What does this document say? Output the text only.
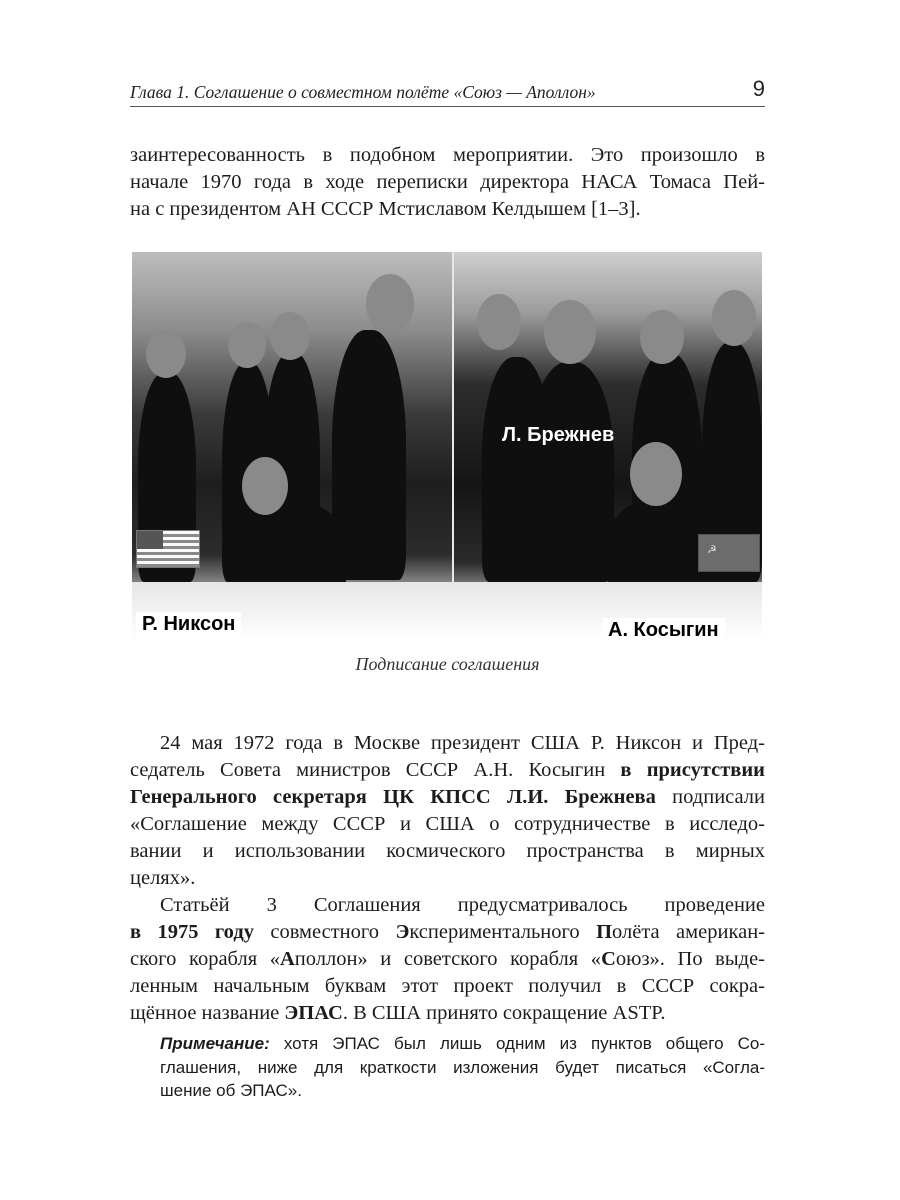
Глава 1. Соглашение о совместном полёте «Союз — Аполлон»	9
заинтересованность в подобном мероприятии. Это произошло в
начале 1970 года в ходе переписки директора НАСА Томаса Пей-
на с президентом АН СССР Мстиславом Келдышем [1–3].
☭
Л. Брежнев
Р. Никсон	А. Косыгин
Подписание соглашения
24 мая 1972 года в Москве президент США Р. Никсон и Пред-
седатель Совета министров СССР А.Н. Косыгин в присутствии
Генерального секретаря ЦК КПСС Л.И. Брежнева подписали
«Соглашение между СССР и США о сотрудничестве в исследо-
вании и использовании космического пространства в мирных
целях».
Статьёй 3 Соглашения предусматривалось проведение
в 1975 году совместного Экспериментального Полёта американ-
ского корабля «Аполлон» и советского корабля «Союз». По выде-
ленным начальным буквам этот проект получил в СССР сокра-
щённое название ЭПАС. В США принято сокращение ASTP.
Примечание: хотя ЭПАС был лишь одним из пунктов общего Со-
глашения, ниже для краткости изложения будет писаться «Согла-
шение об ЭПАС».
